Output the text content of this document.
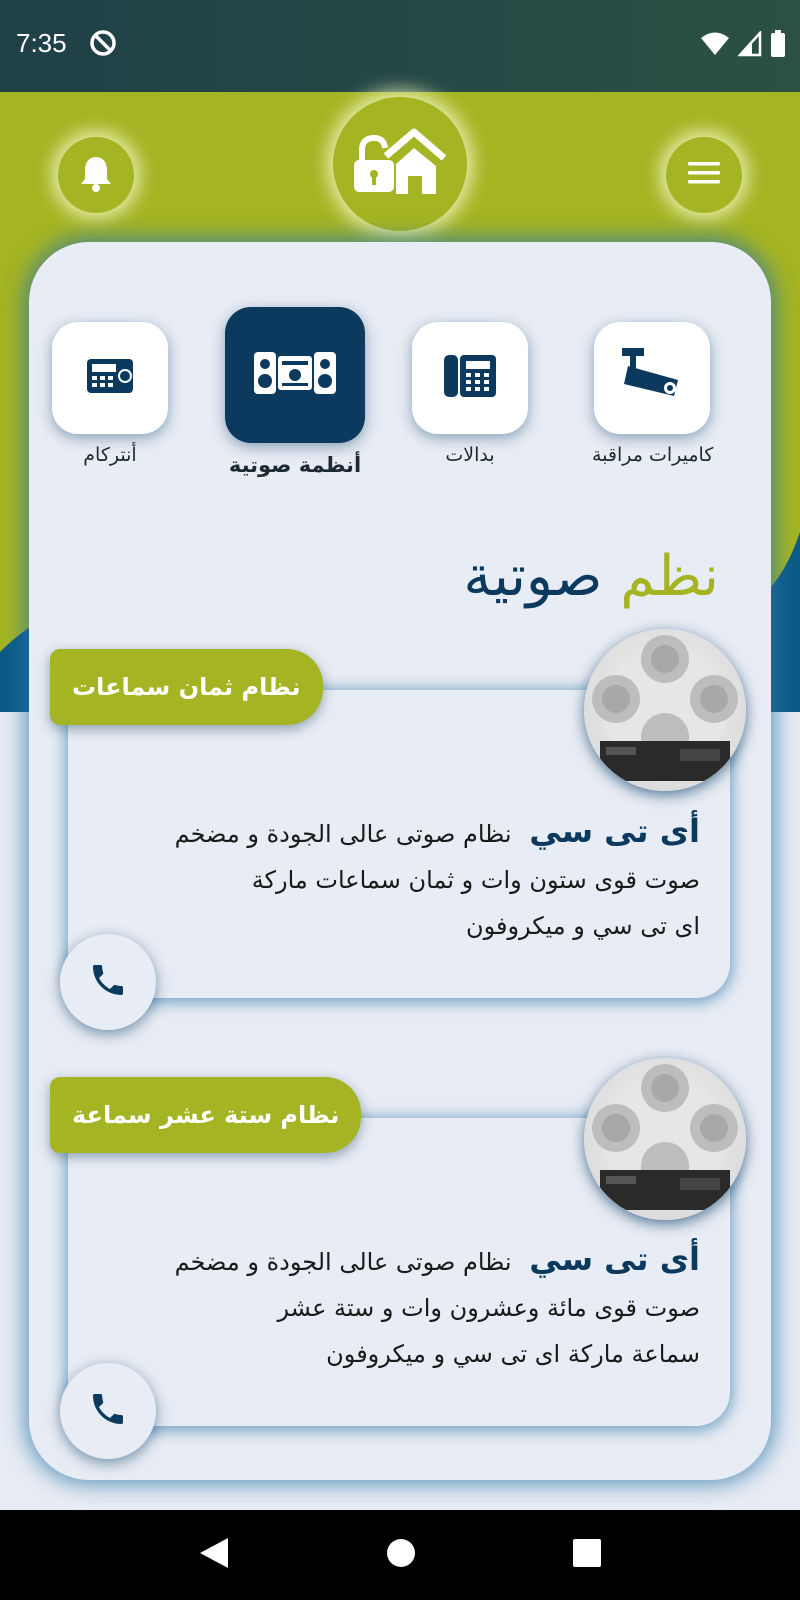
7:35
كاميرات مراقبة
بدالات
أنظمة صوتية
أنتركام
نظم صوتية
أى تى سي نظام صوتى عالى الجودة و مضخم
صوت قوى ستون وات و ثمان سماعات ماركة
اى تى سي و ميكروفون
نظام ثمان سماعات
أى تى سي نظام صوتى عالى الجودة و مضخم
صوت قوى مائة وعشرون وات و ستة عشر
سماعة ماركة اى تى سي و ميكروفون
نظام ستة عشر سماعة
